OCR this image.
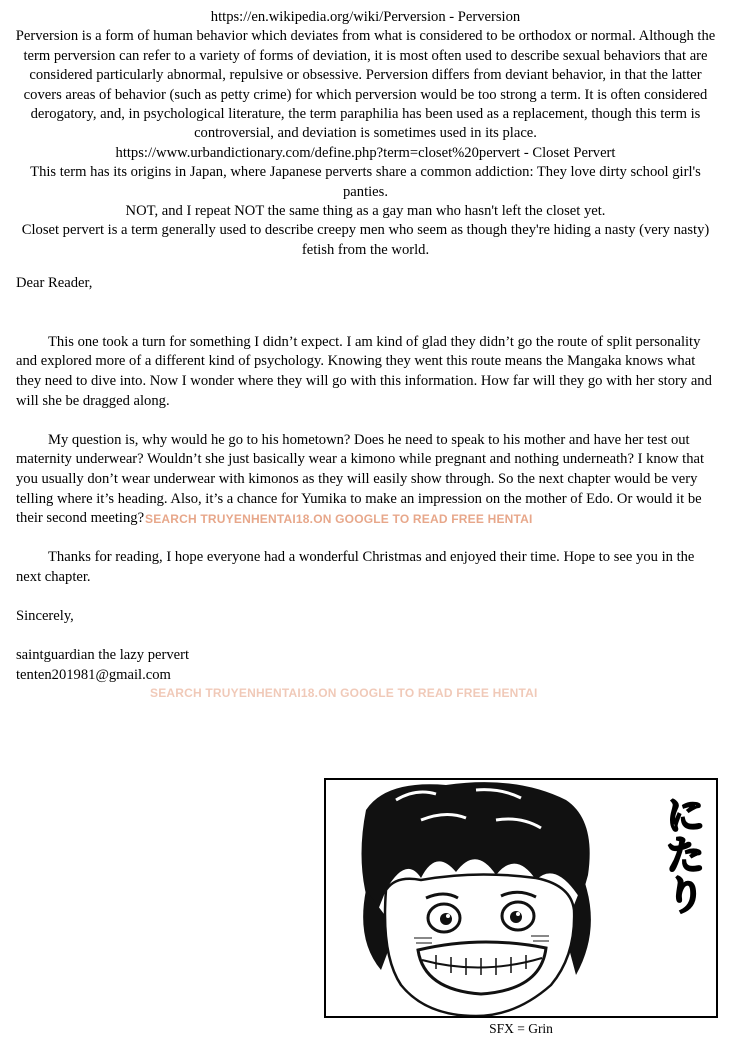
https://en.wikipedia.org/wiki/Perversion - Perversion

Perversion is a form of human behavior which deviates from what is considered to be orthodox or normal. Although the term perversion can refer to a variety of forms of deviation, it is most often used to describe sexual behaviors that are considered particularly abnormal, repulsive or obsessive. Perversion differs from deviant behavior, in that the latter covers areas of behavior (such as petty crime) for which perversion would be too strong a term. It is often considered derogatory, and, in psychological literature, the term paraphilia has been used as a replacement, though this term is controversial, and deviation is sometimes used in its place.

https://www.urbandictionary.com/define.php?term=closet%20pervert - Closet Pervert

This term has its origins in Japan, where Japanese perverts share a common addiction: They love dirty school girl's panties.

NOT, and I repeat NOT the same thing as a gay man who hasn't left the closet yet.

Closet pervert is a term generally used to describe creepy men who seem as though they're hiding a nasty (very nasty) fetish from the world.

Dear Reader,

This one took a turn for something I didn’t expect. I am kind of glad they didn’t go the route of split personality and explored more of a different kind of psychology. Knowing they went this route means the Mangaka knows what they need to dive into. Now I wonder where they will go with this information. How far will they go with her story and will she be dragged along.

My question is, why would he go to his hometown? Does he need to speak to his mother and have her test out maternity underwear? Wouldn’t she just basically wear a kimono while pregnant and nothing underneath? I know that you usually don’t wear underwear with kimonos as they will easily show through. So the next chapter would be very telling where it’s heading. Also, it’s a chance for Yumika to make an impression on the mother of Edo. Or would it be their second meeting?

Thanks for reading, I hope everyone had a wonderful Christmas and enjoyed their time. Hope to see you in the next chapter.

Sincerely,

saintguardian the lazy pervert

tenten201981@gmail.com

SEARCH TRUYENHENTAI18.ON GOOGLE TO READ FREE HENTAI
SEARCH TRUYENHENTAI18.ON GOOGLE TO READ FREE HENTAI
にたり
SFX = Grin
